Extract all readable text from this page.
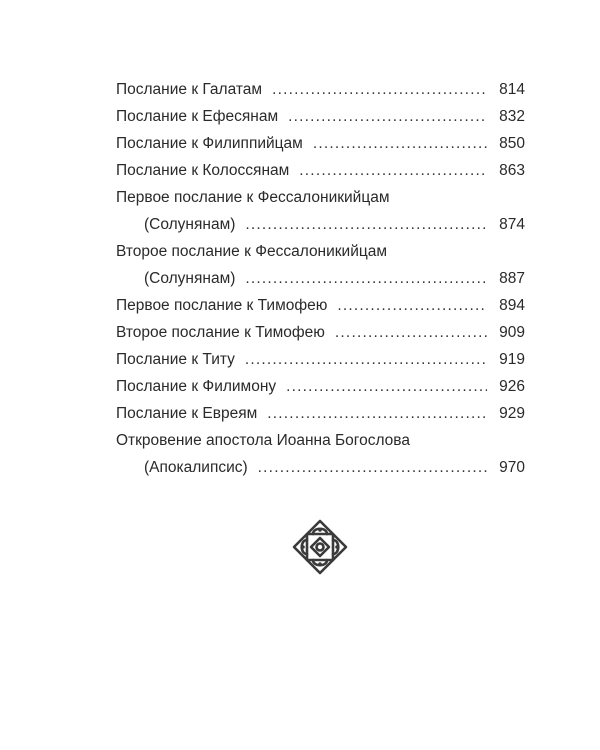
Послание к Галатам .....	814
Послание к Ефесянам .....	832
Послание к Филиппийцам .....	850
Послание к Колоссянам .....	863
Первое послание к Фессалоникийцам
(Солунянам) .....	874
Второе послание к Фессалоникийцам
(Солунянам) .....	887
Первое послание к Тимофею .....	894
Второе послание к Тимофею .....	909
Послание к Титу .....	919
Послание к Филимону .....	926
Послание к Евреям .....	929
Откровение апостола Иоанна Богослова
(Апокалипсис) .....	970
